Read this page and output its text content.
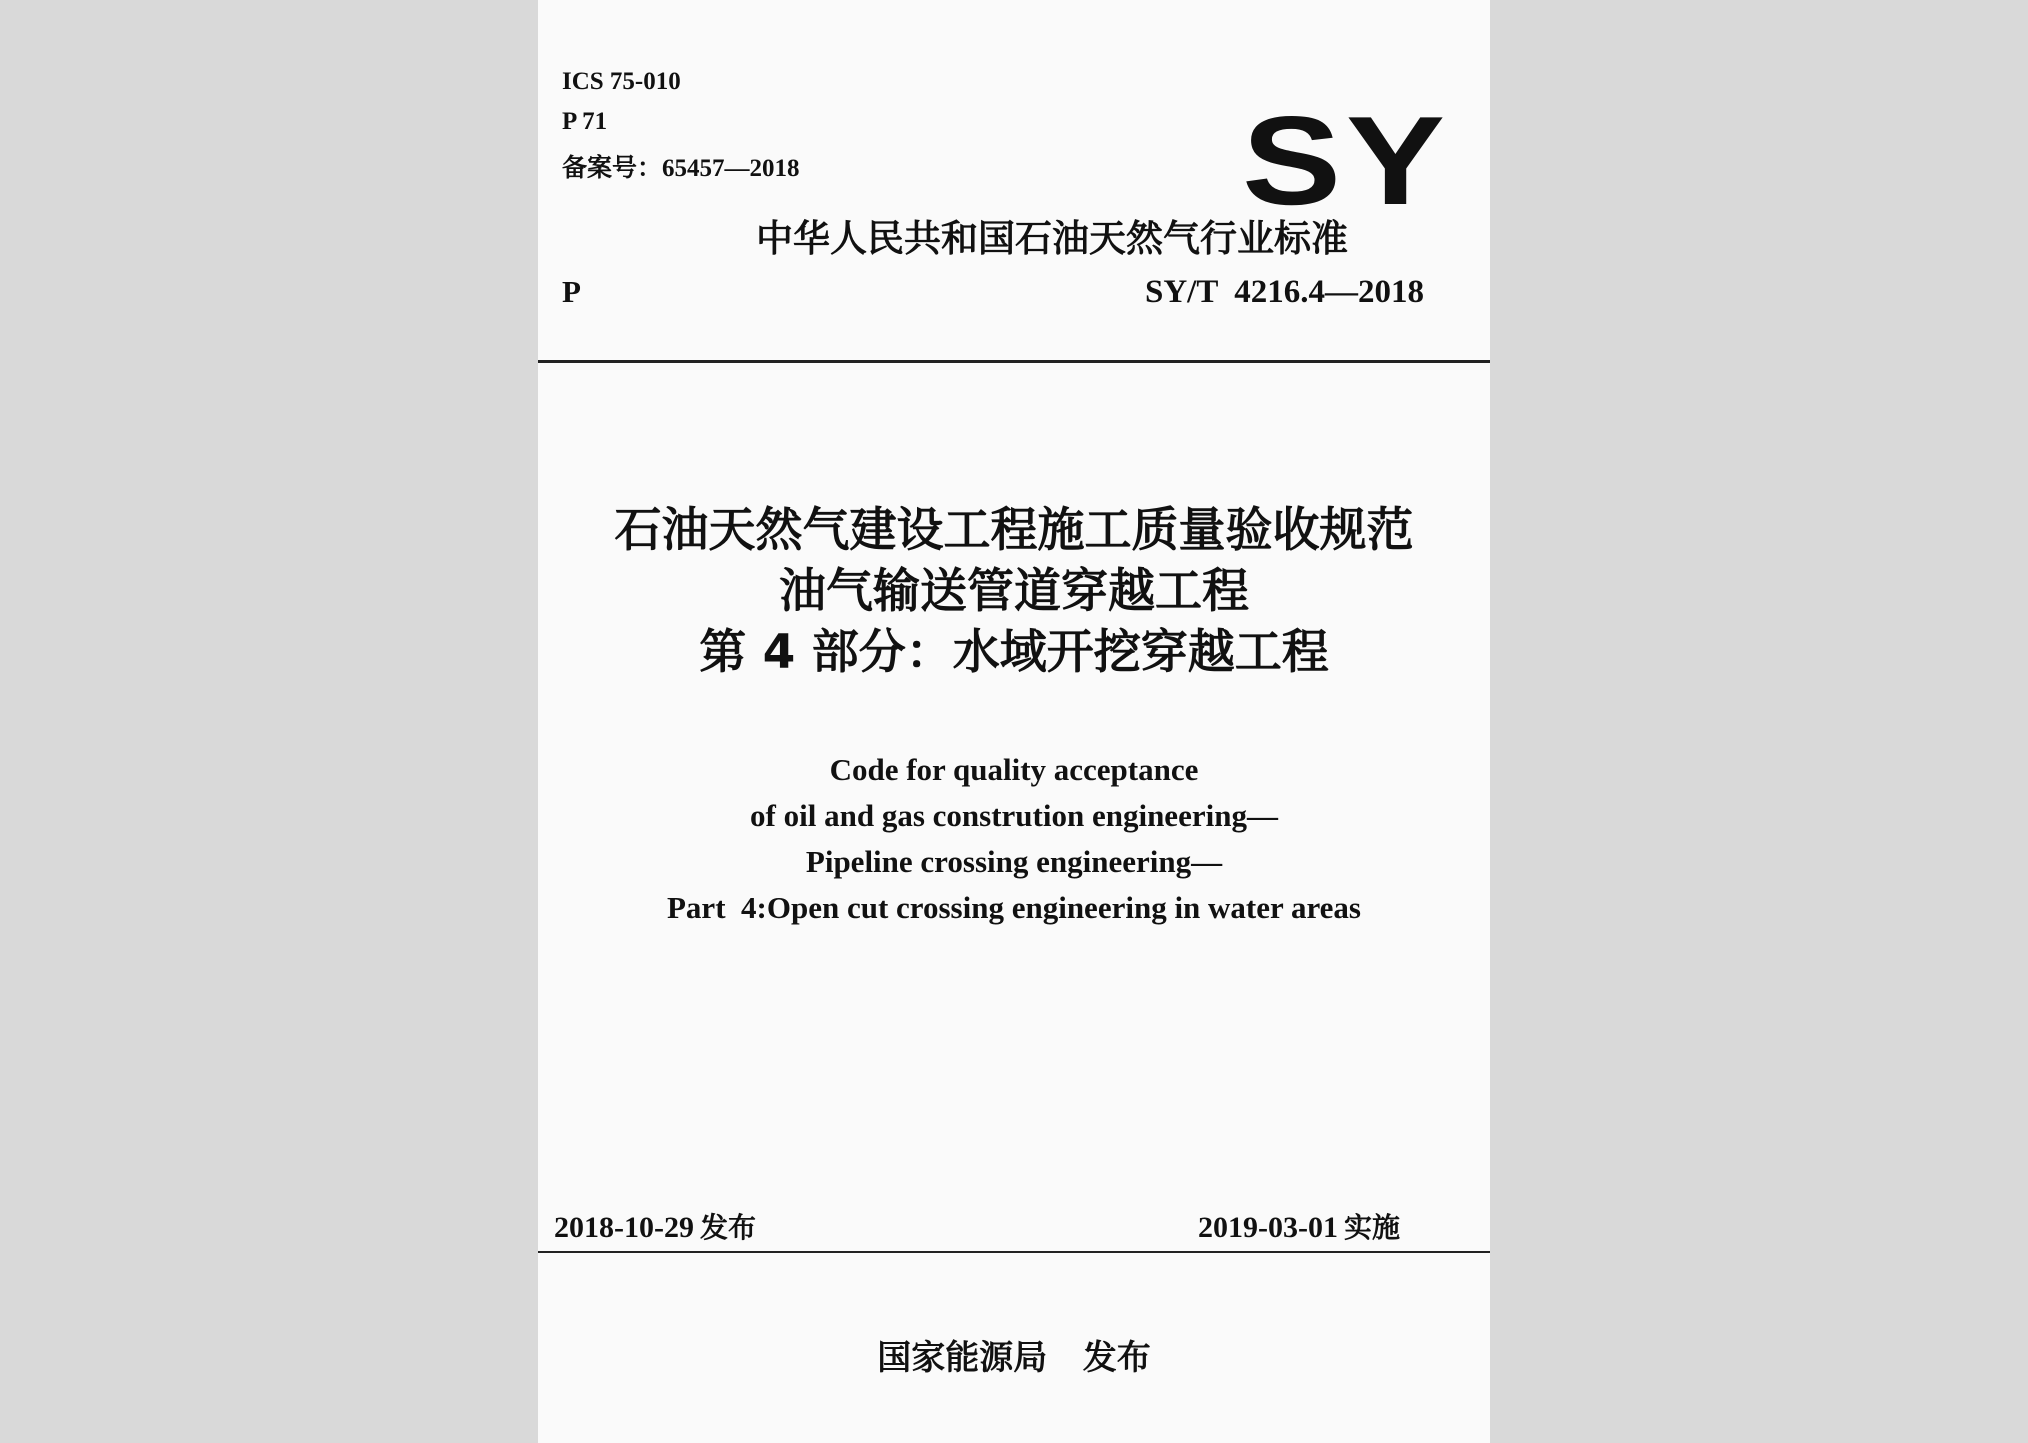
ICS 75-010
P 71
备案号：65457—2018	SY
中华人民共和国石油天然气行业标准
P	SY/T  4216.4—2018
石油天然气建设工程施工质量验收规范
油气输送管道穿越工程
第 4 部分：水域开挖穿越工程
Code for quality acceptance
of oil and gas constrution engineering—
Pipeline crossing engineering—
Part  4:Open cut crossing engineering in water areas
2018-10-29 发布	2019-03-01 实施
国家能源局   发布
